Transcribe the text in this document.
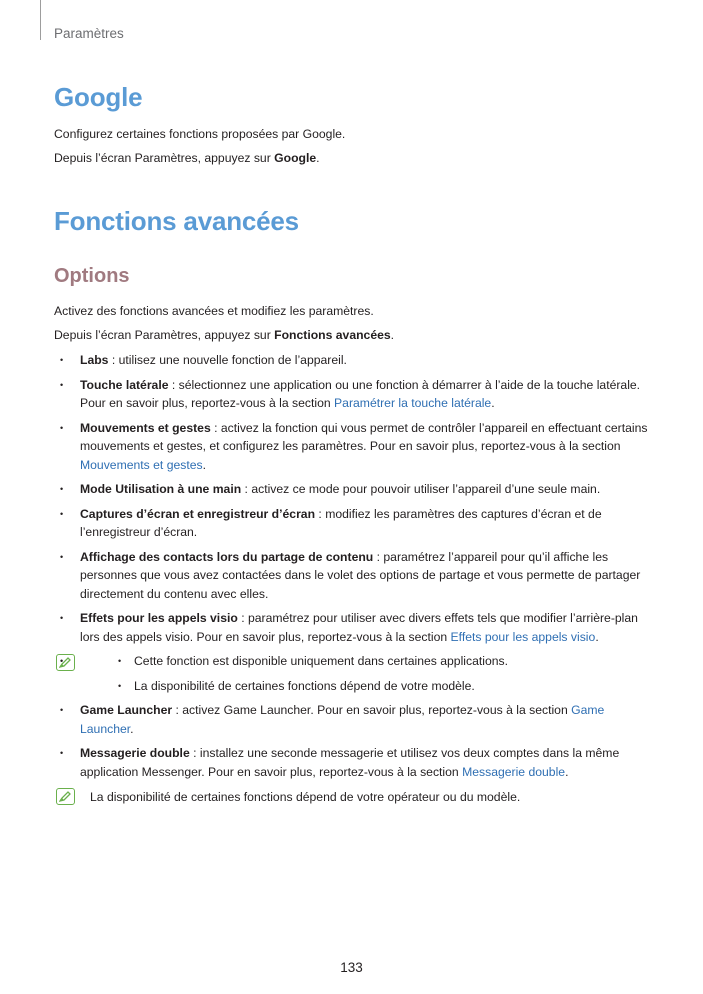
Paramètres
Google

Configurez certaines fonctions proposées par Google.

Depuis l’écran Paramètres, appuyez sur Google.

Fonctions avancées
Options

Activez des fonctions avancées et modifiez les paramètres.

Depuis l’écran Paramètres, appuyez sur Fonctions avancées.

• Labs : utilisez une nouvelle fonction de l’appareil.
• Touche latérale : sélectionnez une application ou une fonction à démarrer à l’aide de la touche latérale. Pour en savoir plus, reportez-vous à la section Paramétrer la touche latérale.
• Mouvements et gestes : activez la fonction qui vous permet de contrôler l’appareil en effectuant certains mouvements et gestes, et configurez les paramètres. Pour en savoir plus, reportez-vous à la section Mouvements et gestes.
• Mode Utilisation à une main : activez ce mode pour pouvoir utiliser l’appareil d’une seule main.
• Captures d’écran et enregistreur d’écran : modifiez les paramètres des captures d’écran et de l’enregistreur d’écran.
• Affichage des contacts lors du partage de contenu : paramétrez l’appareil pour qu’il affiche les personnes que vous avez contactées dans le volet des options de partage et vous permette de partager directement du contenu avec elles.
• Effets pour les appels visio : paramétrez pour utiliser avec divers effets tels que modifier l’arrière-plan lors des appels visio. Pour en savoir plus, reportez-vous à la section Effets pour les appels visio.
• • Cette fonction est disponible uniquement dans certaines applications.
• La disponibilité de certaines fonctions dépend de votre modèle.
• Game Launcher : activez Game Launcher. Pour en savoir plus, reportez-vous à la section Game Launcher.
• Messagerie double : installez une seconde messagerie et utilisez vos deux comptes dans la même application Messenger. Pour en savoir plus, reportez-vous à la section Messagerie double.
La disponibilité de certaines fonctions dépend de votre opérateur ou du modèle.
133
